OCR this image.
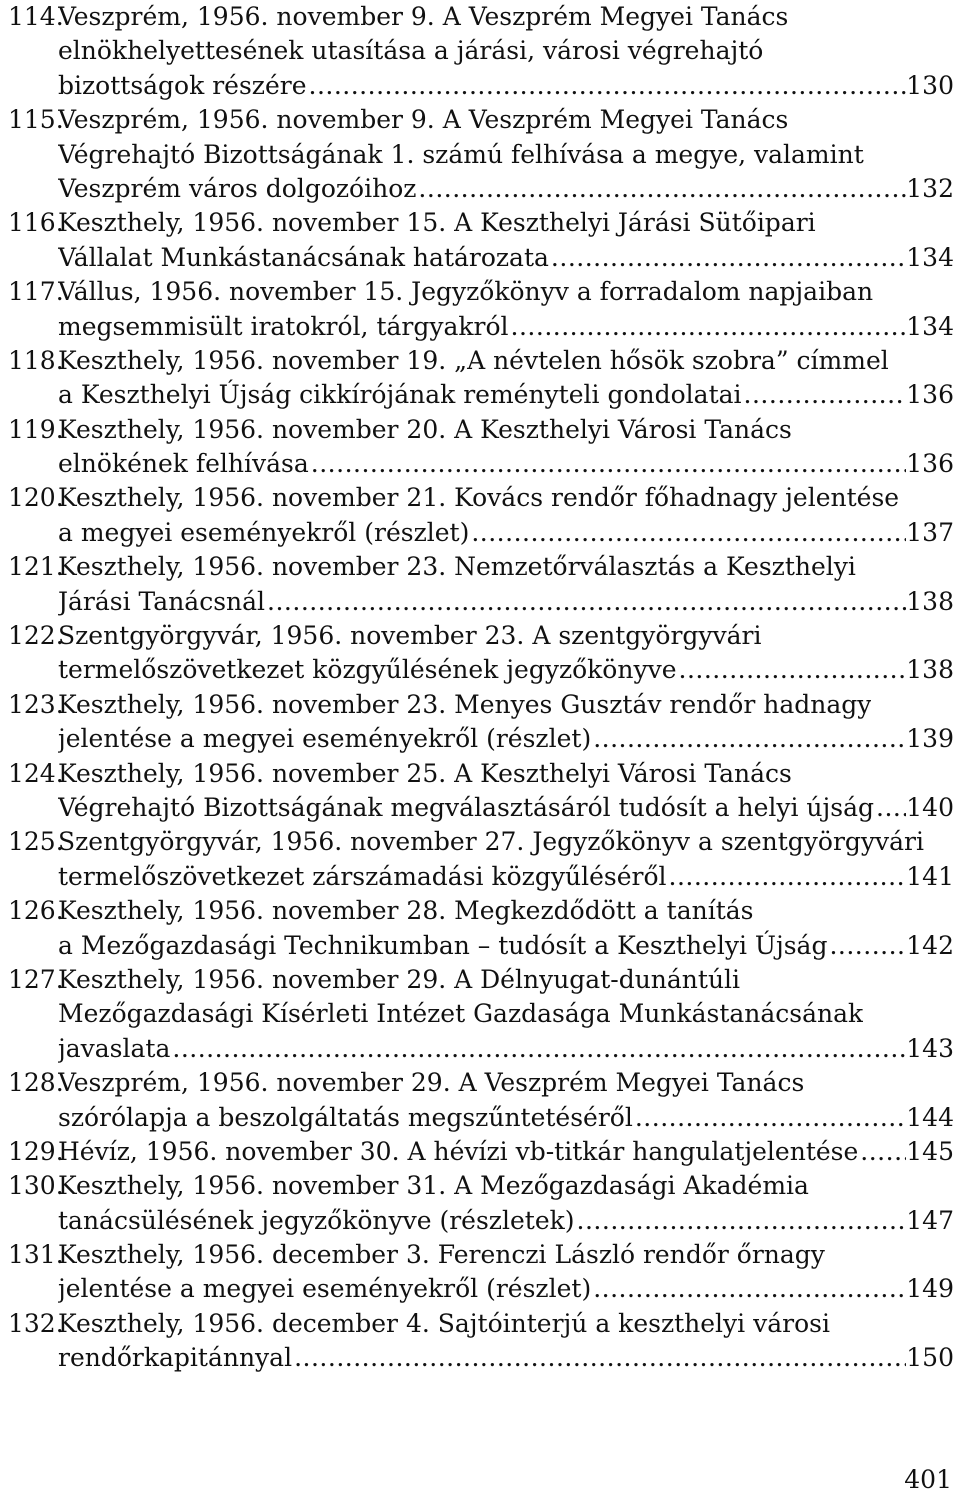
114.
Veszprém, 1956. november 9. A Veszprém Megyei Tanács
elnökhelyettesének utasítása a járási, városi végrehajtó
bizottságok részére .....	130
115.
Veszprém, 1956. november 9. A Veszprém Megyei Tanács
Végrehajtó Bizottságának 1. számú felhívása a megye, valamint
Veszprém város dolgozóihoz .....	132
116.
Keszthely, 1956. november 15. A Keszthelyi Járási Sütőipari
Vállalat Munkástanácsának határozata .....	134
117.
Vállus, 1956. november 15. Jegyzőkönyv a forradalom napjaiban
megsemmisült iratokról, tárgyakról .....	134
118.
Keszthely, 1956. november 19. „A névtelen hősök szobra” címmel
a Keszthelyi Újság cikkírójának reményteli gondolatai .....	136
119.
Keszthely, 1956. november 20. A Keszthelyi Városi Tanács
elnökének felhívása .....	136
120.
Keszthely, 1956. november 21. Kovács rendőr főhadnagy jelentése
a megyei eseményekről (részlet) .....	137
121.
Keszthely, 1956. november 23. Nemzetőrválasztás a Keszthelyi
Járási Tanácsnál .....	138
122.
Szentgyörgyvár, 1956. november 23. A szentgyörgyvári
termelőszövetkezet közgyűlésének jegyzőkönyve .....	138
123.
Keszthely, 1956. november 23. Menyes Gusztáv rendőr hadnagy
jelentése a megyei eseményekről (részlet) .....	139
124.
Keszthely, 1956. november 25. A Keszthelyi Városi Tanács
Végrehajtó Bizottságának megválasztásáról tudósít a helyi újság ..... 140
125.
Szentgyörgyvár, 1956. november 27. Jegyzőkönyv a szentgyörgyvári
termelőszövetkezet zárszámadási közgyűléséről .....	141
126.
Keszthely, 1956. november 28. Megkezdődött a tanítás
a Mezőgazdasági Technikumban – tudósít a Keszthelyi Újság .....	142
127.
Keszthely, 1956. november 29. A Délnyugat-dunántúli
Mezőgazdasági Kísérleti Intézet Gazdasága Munkástanácsának
javaslata .....	143
128.
Veszprém, 1956. november 29. A Veszprém Megyei Tanács
szórólapja a beszolgáltatás megszűntetéséről .....	144
129.
Hévíz, 1956. november 30. A hévízi vb-titkár hangulatjelentése ..... 145
130.
Keszthely, 1956. november 31. A Mezőgazdasági Akadémia
tanácsülésének jegyzőkönyve (részletek) .....	147
131.
Keszthely, 1956. december 3. Ferenczi László rendőr őrnagy
jelentése a megyei eseményekről (részlet) .....	149
132.
Keszthely, 1956. december 4. Sajtóinterjú a keszthelyi városi
rendőrkapitánnyal .....	150
401
